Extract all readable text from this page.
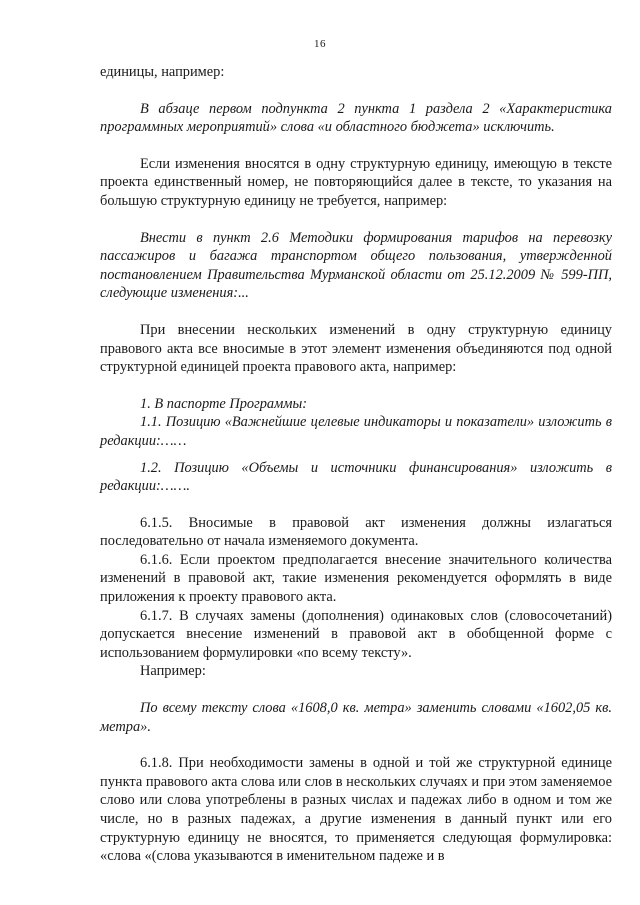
16

единицы, например:

В абзаце первом подпункта 2 пункта 1 раздела 2 «Характеристика программных мероприятий» слова «и областного бюджета» исключить.

Если изменения вносятся в одну структурную единицу, имеющую в тексте проекта единственный номер, не повторяющийся далее в тексте, то указания на большую структурную единицу не требуется, например:

Внести в пункт 2.6 Методики формирования тарифов на перевозку пассажиров и багажа транспортом общего пользования, утвержденной постановлением Правительства Мурманской области от 25.12.2009 № 599-ПП, следующие изменения:...

При внесении нескольких изменений в одну структурную единицу правового акта все вносимые в этот элемент изменения объединяются под одной структурной единицей проекта правового акта, например:

1. В паспорте Программы:

1.1. Позицию «Важнейшие целевые индикаторы и показатели» изложить в редакции:……

1.2. Позицию «Объемы и источники финансирования» изложить в редакции:…….

6.1.5. Вносимые в правовой акт изменения должны излагаться последовательно от начала изменяемого документа.

6.1.6. Если проектом предполагается внесение значительного количества изменений в правовой акт, такие изменения рекомендуется оформлять в виде приложения к проекту правового акта.

6.1.7. В случаях замены (дополнения) одинаковых слов (словосочетаний) допускается внесение изменений в правовой акт в обобщенной форме с использованием формулировки «по всему тексту».

Например:

По всему тексту слова «1608,0 кв. метра» заменить словами «1602,05 кв. метра».

6.1.8. При необходимости замены в одной и той же структурной единице пункта правового акта слова или слов в нескольких случаях и при этом заменяемое слово или слова употреблены в разных числах и падежах либо в одном и том же числе, но в разных падежах, а другие изменения в данный пункт или его структурную единицу не вносятся, то применяется следующая формулировка: «слова «(слова указываются в именительном падеже и в
